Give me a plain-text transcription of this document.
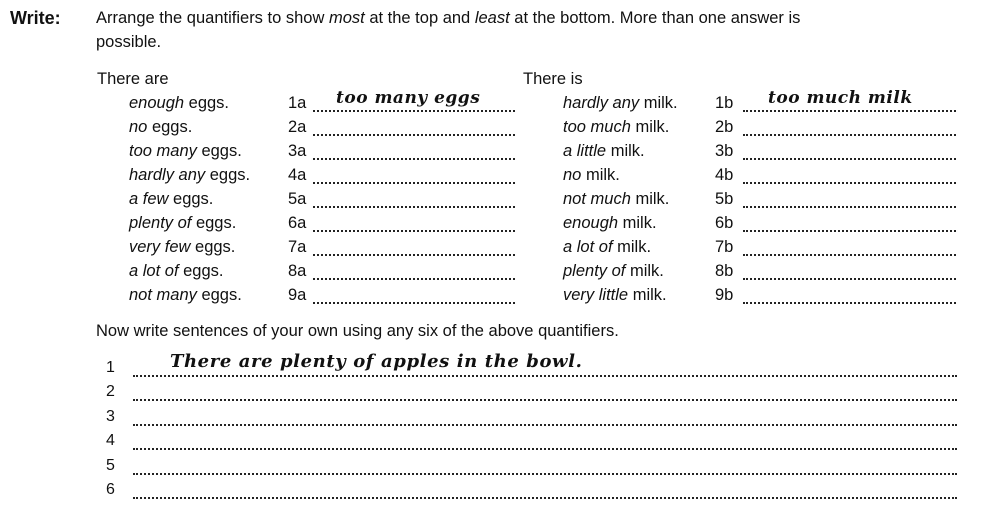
Write: Arrange the quantifiers to show most at the top and least at the bottom. More than one answer is
possible.
There are	There is
enough eggs.	1a too many eggs
no eggs.	2a
too many eggs.	3a
hardly any eggs. 4a
a few eggs.	5a
plenty of eggs.	6a
very few eggs.	7a
a lot of eggs.	8a
not many eggs.	9a
hardly any milk. 1b too much milk
too much milk.	2b
a little milk.	3b
no milk.	4b
not much milk.	5b
enough milk.	6b
a lot of milk.	7b
plenty of milk.	8b
very little milk.	9b
Now write sentences of your own using any six of the above quantifiers.
1	There are plenty of apples in the bowl.
2
3
4
5
6
